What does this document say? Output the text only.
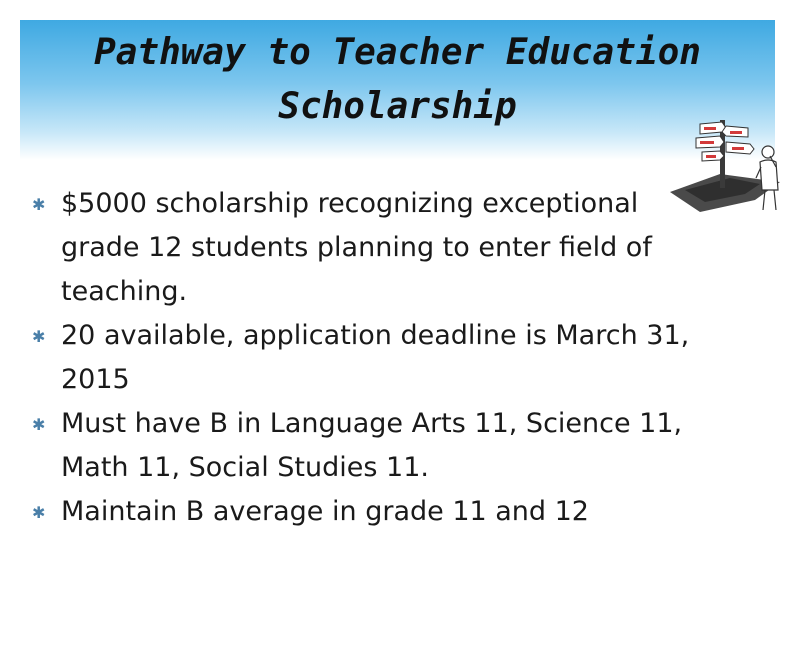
Pathway to Teacher Education
Scholarship
✱ $5000 scholarship recognizing exceptional grade 12 students planning to enter field of teaching.
✱ 20 available, application deadline is March 31, 2015
✱ Must have B in Language Arts 11, Science 11, Math 11, Social Studies 11.
✱ Maintain B average in grade 11 and 12
